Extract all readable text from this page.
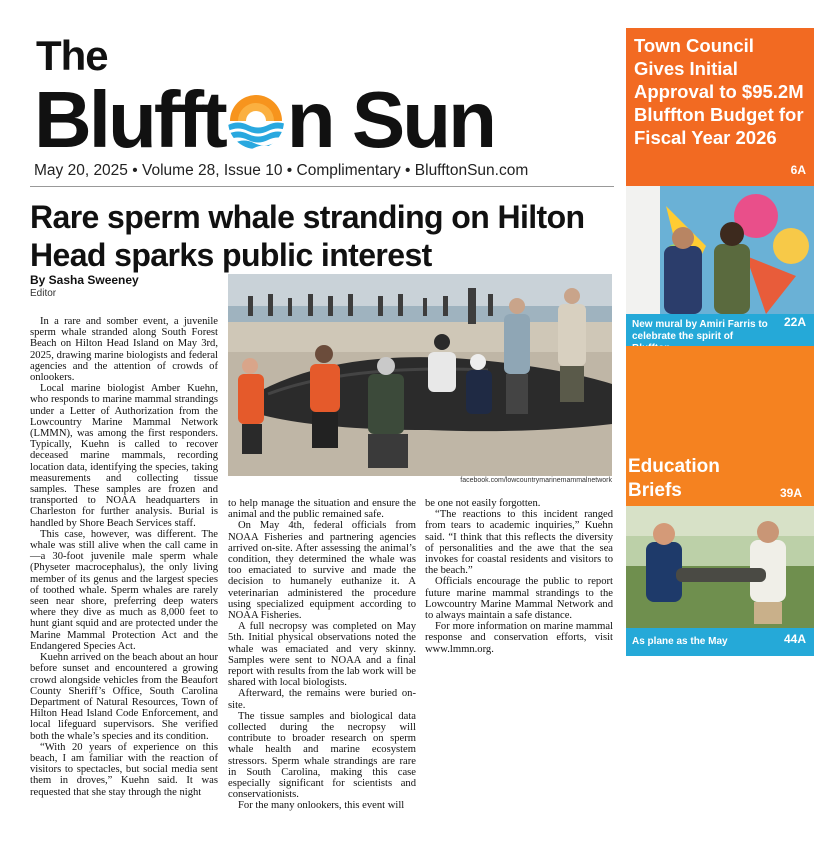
The
Blufft n Sun
May 20, 2025 • Volume 28, Issue 10 • Complimentary • BlufftonSun.com
Rare sperm whale stranding on Hilton Head sparks public interest
By Sasha Sweeney
Editor

In a rare and somber event, a juvenile sperm whale stranded along South Forest Beach on Hilton Head Island on May 3rd, 2025, drawing marine biologists and federal agencies and the attention of crowds of onlookers.

Local marine biologist Amber Kuehn, who responds to marine mammal strandings under a Letter of Authorization from the Lowcountry Marine Mammal Network (LMMN), was among the first responders. Typically, Kuehn is called to recover deceased marine mammals, recording location data, identifying the species, taking measurements and collecting tissue samples. These samples are frozen and transported to NOAA headquarters in Charleston for further analysis. Burial is handled by Shore Beach Services staff.

This case, however, was different. The whale was still alive when the call came in—a 30-foot juvenile male sperm whale (Physeter macrocephalus), the only living member of its genus and the largest species of toothed whale. Sperm whales are rarely seen near shore, preferring deep waters where they dive as much as 8,000 feet to hunt giant squid and are protected under the Marine Mammal Protection Act and the Endangered Species Act.

Kuehn arrived on the beach about an hour before sunset and encountered a growing crowd alongside vehicles from the Beaufort County Sheriff’s Office, South Carolina Department of Natural Resources, Town of Hilton Head Island Code Enforcement, and local lifeguard supervisors. She verified both the whale’s species and its condition.

“With 20 years of experience on this beach, I am familiar with the reaction of visitors to spectacles, but social media sent them in droves,” Kuehn said. It was requested that she stay through the night

facebook.com/lowcountrymarinemammalnetwork

to help manage the situation and ensure the animal and the public remained safe.

On May 4th, federal officials from NOAA Fisheries and partnering agencies arrived on-site. After assessing the animal’s condition, they determined the whale was too emaciated to survive and made the decision to humanely euthanize it. A veterinarian administered the procedure using specialized equipment according to NOAA Fisheries.

A full necropsy was completed on May 5th. Initial physical observations noted the whale was emaciated and very skinny. Samples were sent to NOAA and a final report with results from the lab work will be shared with local biologists.

Afterward, the remains were buried on-site.

The tissue samples and biological data collected during the necropsy will contribute to broader research on sperm whale health and marine ecosystem stressors. Sperm whale strandings are rare in South Carolina, making this case especially significant for scientists and conservationists.

For the many onlookers, this event will

be one not easily forgotten.

“The reactions to this incident ranged from tears to academic inquiries,” Kuehn said. “I think that this reflects the diversity of personalities and the awe that the sea invokes for coastal residents and visitors to the beach.”

Officials encourage the public to report future marine mammal strandings to the Lowcountry Marine Mammal Network and to always maintain a safe distance.

For more information on marine mammal response and conservation efforts, visit www.lmmn.org.

Town Council Gives Initial Approval to $95.2M Bluffton Budget for Fiscal Year 2026
6A
New mural by Amiri Farris to celebrate the spirit of
22A
Education
Briefs	39A
As plane as the May	44A
